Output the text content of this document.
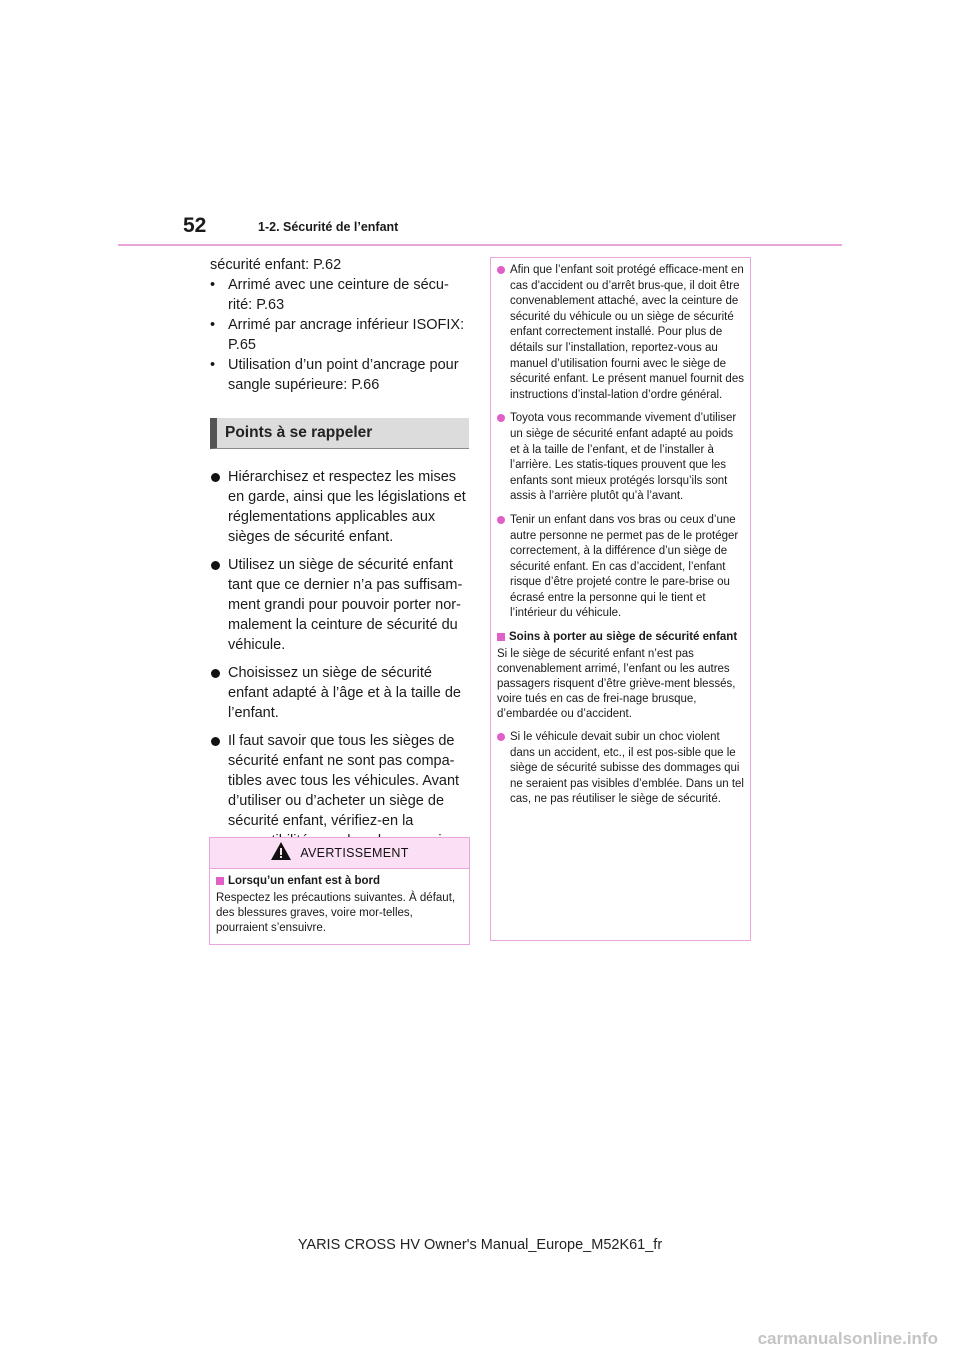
52	1-2. Sécurité de l’enfant

sécurité enfant: P.62

• Arrimé avec une ceinture de sécu-rité: P.63
• Arrimé par ancrage inférieur ISOFIX: P.65
• Utilisation d’un point d’ancrage pour sangle supérieure: P.66
Points à se rappeler
Hiérarchisez et respectez les mises en garde, ainsi que les législations et réglementations applicables aux sièges de sécurité enfant.
Utilisez un siège de sécurité enfant tant que ce dernier n’a pas suffisam-ment grandi pour pouvoir porter nor-malement la ceinture de sécurité du véhicule.
Choisissez un siège de sécurité enfant adapté à l’âge et à la taille de l’enfant.
Il faut savoir que tous les sièges de sécurité enfant ne sont pas compa-tibles avec tous les véhicules. Avant d’utiliser ou d’acheter un siège de sécurité enfant, vérifiez-en la
AVERTISSEMENT
Lorsqu’un enfant est à bord

Respectez les précautions suivantes. À défaut, des blessures graves, voire mor-telles, pourraient s’ensuivre.

Afin que l’enfant soit protégé efficace-ment en cas d’accident ou d’arrêt brus-que, il doit être convenablement attaché, avec la ceinture de sécurité du véhicule ou un siège de sécurité enfant correctement installé. Pour plus de détails sur l’installation, reportez-vous au manuel d’utilisation fourni avec le siège de sécurité enfant. Le présent manuel fournit des instructions d’instal-lation d’ordre général.
Toyota vous recommande vivement d’utiliser un siège de sécurité enfant adapté au poids et à la taille de l’enfant, et de l’installer à l’arrière. Les statis-tiques prouvent que les enfants sont mieux protégés lorsqu’ils sont assis à l’arrière plutôt qu’à l’avant.
Tenir un enfant dans vos bras ou ceux d’une autre personne ne permet pas de le protéger correctement, à la différence d’un siège de sécurité enfant. En cas d’accident, l’enfant risque d’être projeté contre le pare-brise ou écrasé entre la personne qui le tient et l’intérieur du véhicule.
Soins à porter au siège de sécurité enfant

Si le siège de sécurité enfant n’est pas convenablement arrimé, l’enfant ou les autres passagers risquent d’être griève-ment blessés, voire tués en cas de frei-nage brusque, d’embardée ou d’accident.

Si le véhicule devait subir un choc violent dans un accident, etc., il est pos-sible que le siège de sécurité subisse des dommages qui ne seraient pas visibles d’emblée. Dans un tel cas, ne pas réutiliser le siège de sécurité.
YARIS CROSS HV Owner's Manual_Europe_M52K61_fr
carmanualsonline.info
